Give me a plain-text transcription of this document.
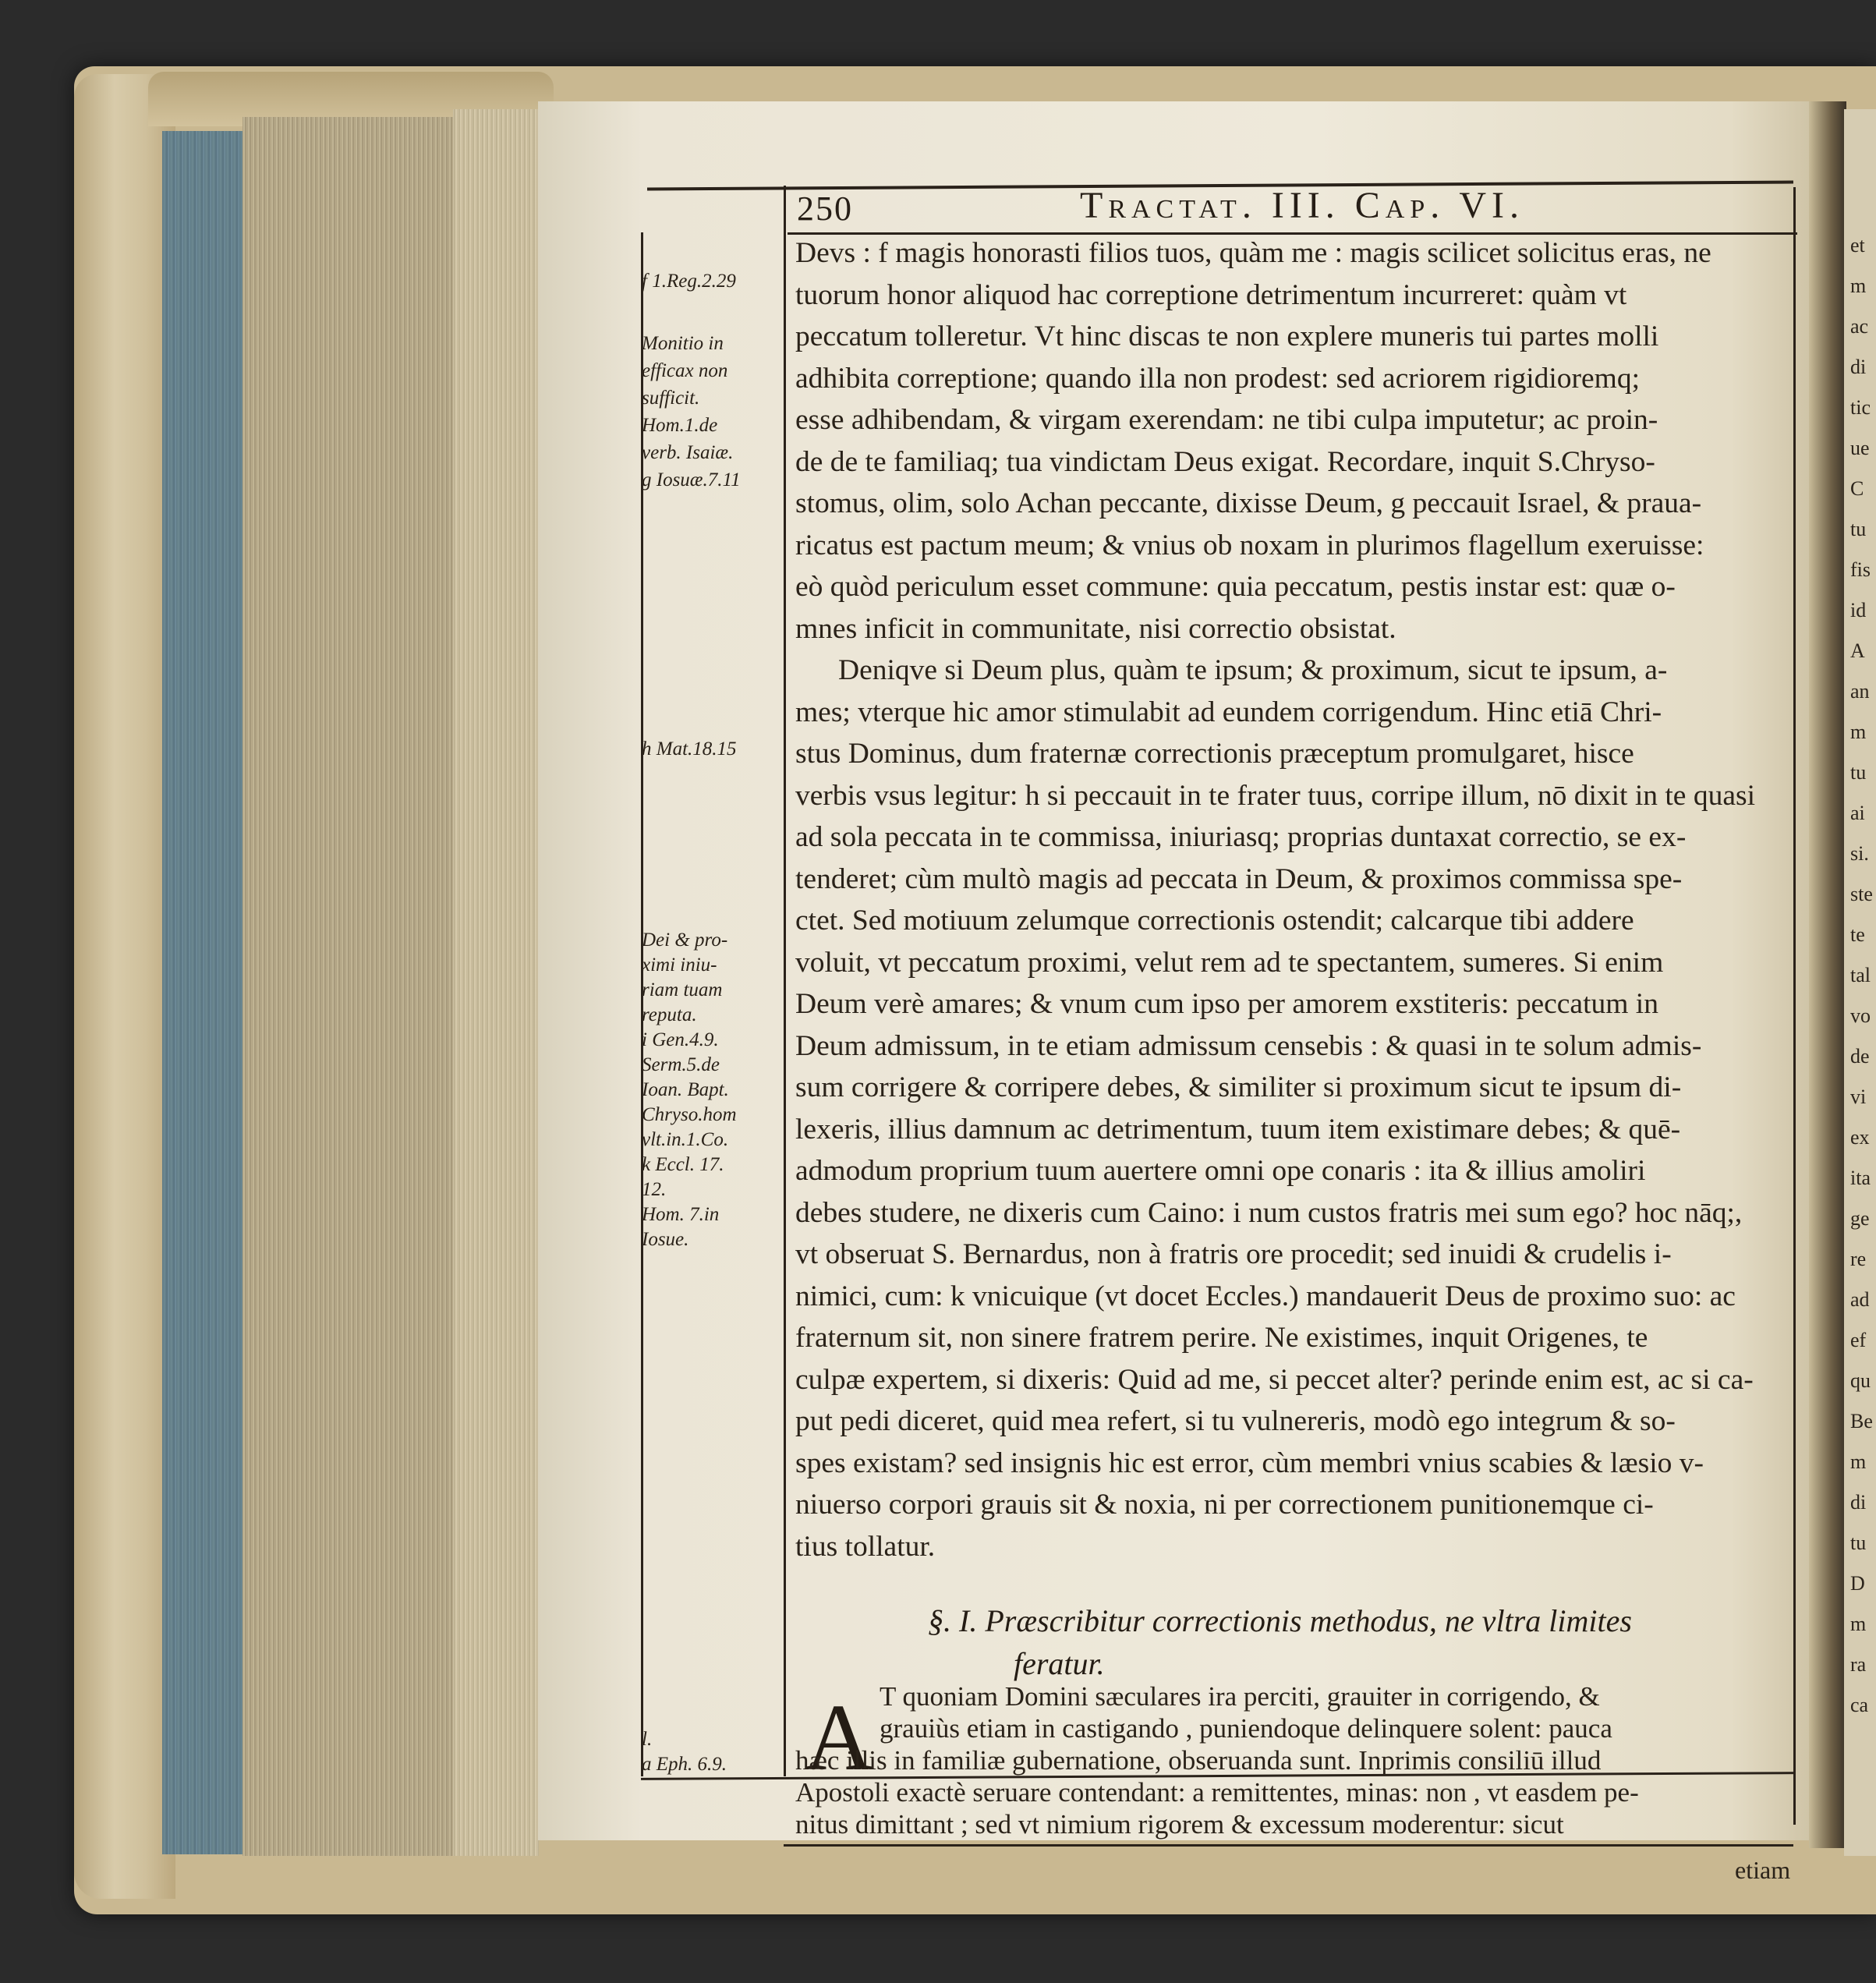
et
m
ac
di
tic
ue
C
tu
fis
id
A
an
m
tu
ai
si.
ste
te
tal
vo
de
vi
ex
ita
ge
re
ad
ef
qu
Be
m
di
tu
D
m
ra
ca
250	Tractat. III. Cap. VI.
f 1.Reg.2.29
Monitio in
efficax non
sufficit.
Hom.1.de
verb. Isaiæ.
g Iosuæ.7.11
h Mat.18.15
Dei & pro-
ximi iniu-
riam tuam
reputa.
i Gen.4.9.
Serm.5.de
Ioan. Bapt.
Chryso.hom
vlt.in.1.Co.
k Eccl. 17.
12.
Hom. 7.in
Iosue.
l.
a Eph. 6.9.
Devs : f magis honorasti filios tuos, quàm me : magis scilicet solicitus eras, ne
tuorum honor aliquod hac correptione detrimentum incurreret: quàm vt
peccatum tolleretur. Vt hinc discas te non explere muneris tui partes molli
adhibita correptione; quando illa non prodest: sed acriorem rigidioremq;
esse adhibendam, & virgam exerendam: ne tibi culpa imputetur; ac proin-
de de te familiaq; tua vindictam Deus exigat. Recordare, inquit S.Chryso-
stomus, olim, solo Achan peccante, dixisse Deum, g peccauit Israel, & praua-
ricatus est pactum meum; & vnius ob noxam in plurimos flagellum exeruisse:
eò quòd periculum esset commune: quia peccatum, pestis instar est: quæ o-
mnes inficit in communitate, nisi correctio obsistat.
Deniqve si Deum plus, quàm te ipsum; & proximum, sicut te ipsum, a-
mes; vterque hic amor stimulabit ad eundem corrigendum. Hinc etiā Chri-
stus Dominus, dum fraternæ correctionis præceptum promulgaret, hisce
verbis vsus legitur: h si peccauit in te frater tuus, corripe illum, nō dixit in te quasi
ad sola peccata in te commissa, iniuriasq; proprias duntaxat correctio, se ex-
tenderet; cùm multò magis ad peccata in Deum, & proximos commissa spe-
ctet. Sed motiuum zelumque correctionis ostendit; calcarque tibi addere
voluit, vt peccatum proximi, velut rem ad te spectantem, sumeres. Si enim
Deum verè amares; & vnum cum ipso per amorem exstiteris: peccatum in
Deum admissum, in te etiam admissum censebis : & quasi in te solum admis-
sum corrigere & corripere debes, & similiter si proximum sicut te ipsum di-
lexeris, illius damnum ac detrimentum, tuum item existimare debes; & quē-
admodum proprium tuum auertere omni ope conaris : ita & illius amoliri
debes studere, ne dixeris cum Caino: i num custos fratris mei sum ego? hoc nāq;,
vt obseruat S. Bernardus, non à fratris ore procedit; sed inuidi & crudelis i-
nimici, cum: k vnicuique (vt docet Eccles.) mandauerit Deus de proximo suo: ac
fraternum sit, non sinere fratrem perire. Ne existimes, inquit Origenes, te
culpæ expertem, si dixeris: Quid ad me, si peccet alter? perinde enim est, ac si ca-
put pedi diceret, quid mea refert, si tu vulnereris, modò ego integrum & so-
spes existam? sed insignis hic est error, cùm membri vnius scabies & læsio v-
niuerso corpori grauis sit & noxia, ni per correctionem punitionemque ci-
tius tollatur.
§. I. Præscribitur correctionis methodus, ne vltra limites
feratur.
A T quoniam Domini sæculares ira perciti, grauiter in corrigendo, &
grauiùs etiam in castigando , puniendoque delinquere solent: pauca
hæc illis in familiæ gubernatione, obseruanda sunt. Inprimis consiliū illud
Apostoli exactè seruare contendant: a remittentes, minas: non , vt easdem pe-
nitus dimittant ; sed vt nimium rigorem & excessum moderentur: sicut
etiam
